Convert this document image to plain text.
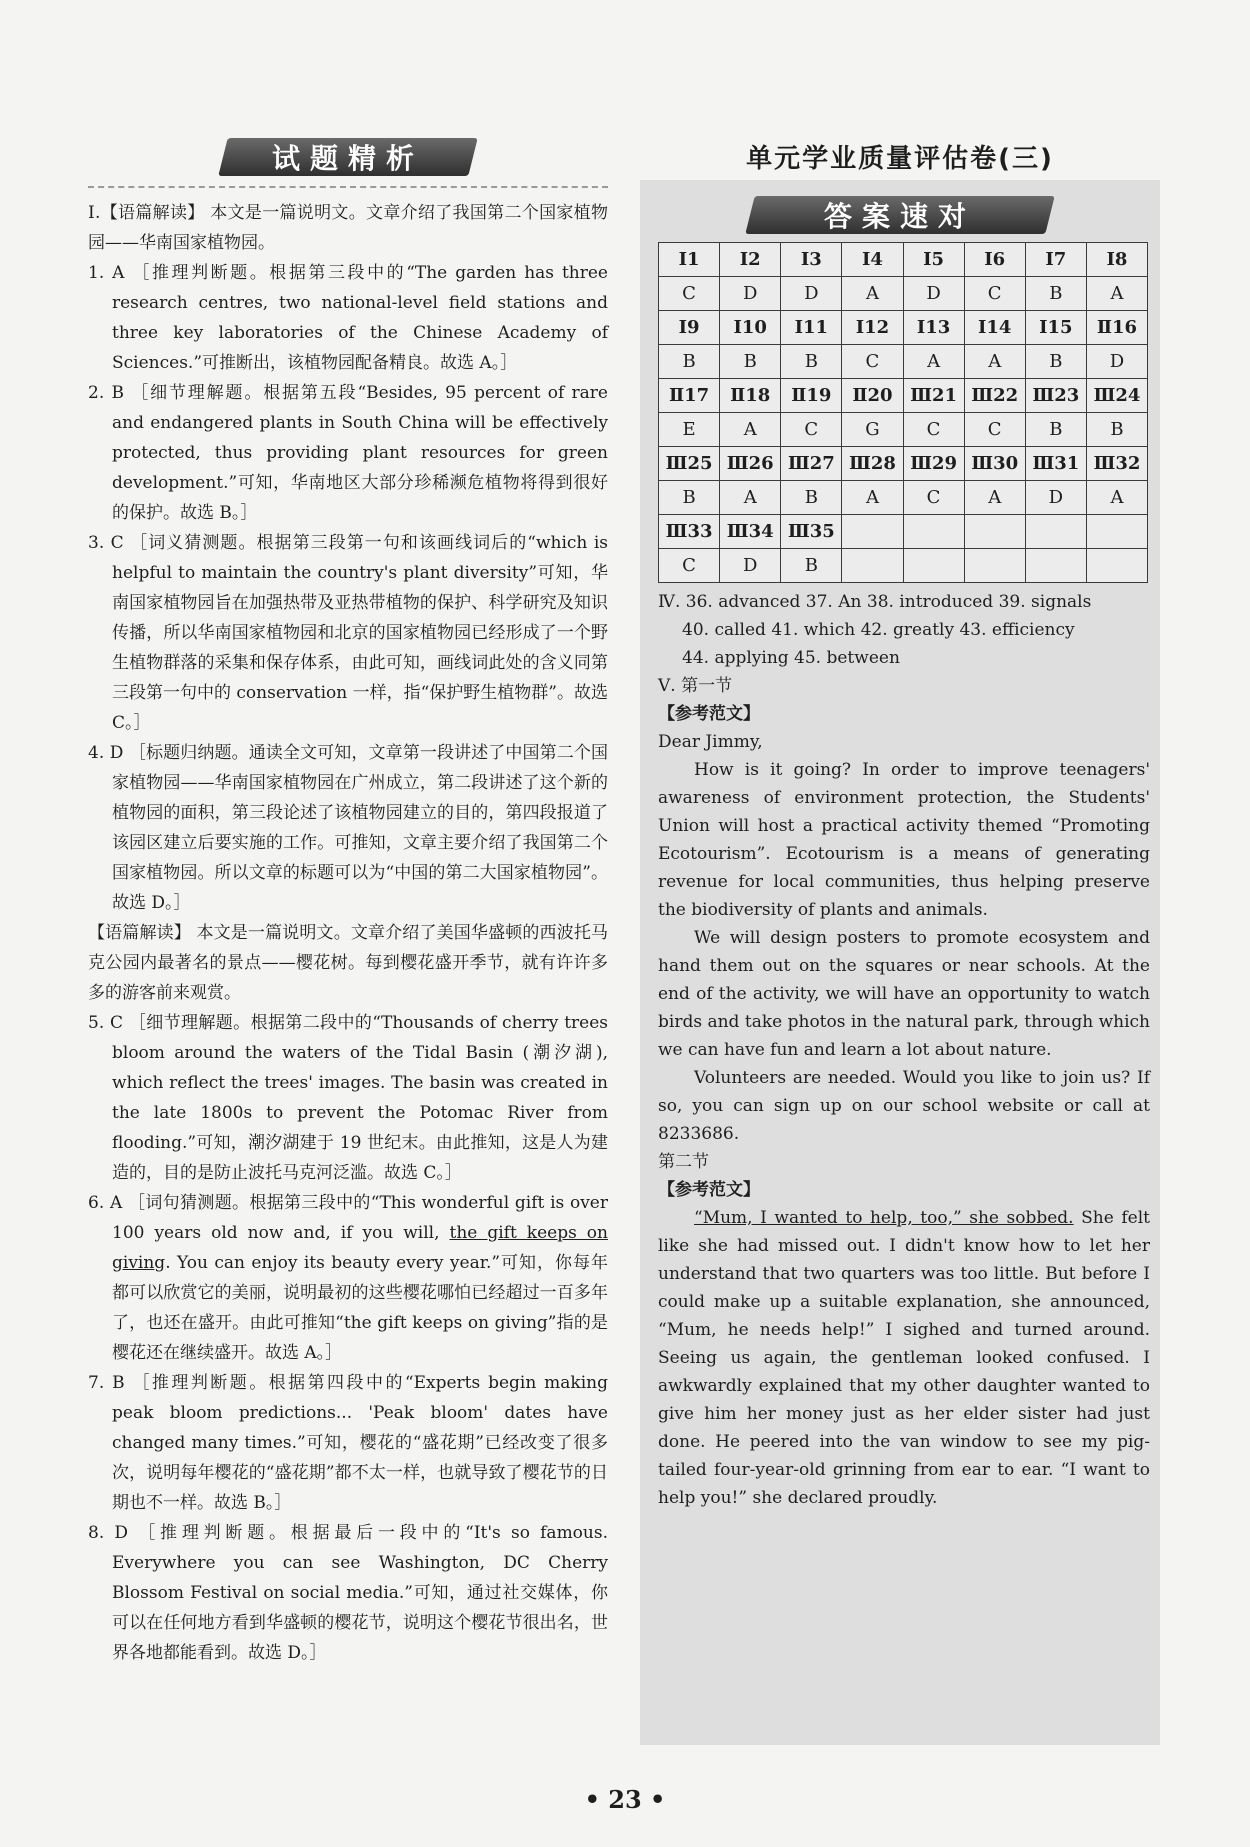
试题精析

Ⅰ.【语篇解读】 本文是一篇说明文。文章介绍了我国第二个国家植物园——华南国家植物园。

1. A ［推理判断题。根据第三段中的“The garden has three research centres, two national-level field stations and three key laboratories of the Chinese Academy of Sciences.”可推断出，该植物园配备精良。故选 A。］

2. B ［细节理解题。根据第五段“Besides, 95 percent of rare and endangered plants in South China will be effectively protected, thus providing plant resources for green development.”可知，华南地区大部分珍稀濒危植物将得到很好的保护。故选 B。］

3. C ［词义猜测题。根据第三段第一句和该画线词后的“which is helpful to maintain the country's plant diversity”可知，华南国家植物园旨在加强热带及亚热带植物的保护、科学研究及知识传播，所以华南国家植物园和北京的国家植物园已经形成了一个野生植物群落的采集和保存体系，由此可知，画线词此处的含义同第三段第一句中的 conservation 一样，指“保护野生植物群”。故选 C。］

4. D ［标题归纳题。通读全文可知，文章第一段讲述了中国第二个国家植物园——华南国家植物园在广州成立，第二段讲述了这个新的植物园的面积，第三段论述了该植物园建立的目的，第四段报道了该园区建立后要实施的工作。可推知，文章主要介绍了我国第二个国家植物园。所以文章的标题可以为“中国的第二大国家植物园”。故选 D。］

【语篇解读】 本文是一篇说明文。文章介绍了美国华盛顿的西波托马克公园内最著名的景点——樱花树。每到樱花盛开季节，就有许许多多的游客前来观赏。

5. C ［细节理解题。根据第二段中的“Thousands of cherry trees bloom around the waters of the Tidal Basin (潮汐湖), which reflect the trees' images. The basin was created in the late 1800s to prevent the Potomac River from flooding.”可知，潮汐湖建于 19 世纪末。由此推知，这是人为建造的，目的是防止波托马克河泛滥。故选 C。］

6. A ［词句猜测题。根据第三段中的“This wonderful gift is over 100 years old now and, if you will, the gift keeps on giving. You can enjoy its beauty every year.”可知，你每年都可以欣赏它的美丽，说明最初的这些樱花哪怕已经超过一百多年了，也还在盛开。由此可推知“the gift keeps on giving”指的是樱花还在继续盛开。故选 A。］

7. B ［推理判断题。根据第四段中的“Experts begin making peak bloom predictions... 'Peak bloom' dates have changed many times.”可知，樱花的“盛花期”已经改变了很多次，说明每年樱花的“盛花期”都不太一样，也就导致了樱花节的日期也不一样。故选 B。］

8. D ［推理判断题。根据最后一段中的“It's so famous. Everywhere you can see Washington, DC Cherry Blossom Festival on social media.”可知，通过社交媒体，你可以在任何地方看到华盛顿的樱花节，说明这个樱花节很出名，世界各地都能看到。故选 D。］

单元学业质量评估卷(三)
答案速对
Ⅰ1	Ⅰ2	Ⅰ3	Ⅰ4	Ⅰ5	Ⅰ6	Ⅰ7	Ⅰ8
C	D	D	A	D	C	B	A
Ⅰ9	Ⅰ10	Ⅰ11	Ⅰ12	Ⅰ13	Ⅰ14	Ⅰ15	Ⅱ16
B	B	B	C	A	A	B	D
Ⅱ17	Ⅱ18	Ⅱ19	Ⅱ20	Ⅲ21	Ⅲ22	Ⅲ23	Ⅲ24
E	A	C	G	C	C	B	B
Ⅲ25	Ⅲ26	Ⅲ27	Ⅲ28	Ⅲ29	Ⅲ30	Ⅲ31	Ⅲ32
B	A	B	A	C	A	D	A
Ⅲ33	Ⅲ34	Ⅲ35					
C	D	B					
Ⅳ. 36. advanced 37. An 38. introduced 39. signals
40. called 41. which 42. greatly 43. efficiency
44. applying 45. between
Ⅴ. 第一节
【参考范文】
Dear Jimmy,
How is it going? In order to improve teenagers' awareness of environment protection, the Students' Union will host a practical activity themed “Promoting Ecotourism”. Ecotourism is a means of generating revenue for local communities, thus helping preserve the biodiversity of plants and animals.
We will design posters to promote ecosystem and hand them out on the squares or near schools. At the end of the activity, we will have an opportunity to watch birds and take photos in the natural park, through which we can have fun and learn a lot about nature.
Volunteers are needed. Would you like to join us? If so, you can sign up on our school website or call at 8233686.
第二节
【参考范文】
“Mum, I wanted to help, too,” she sobbed. She felt like she had missed out. I didn't know how to let her understand that two quarters was too little. But before I could make up a suitable explanation, she announced, “Mum, he needs help!” I sighed and turned around. Seeing us again, the gentleman looked confused. I awkwardly explained that my other daughter wanted to give him her money just as her elder sister had just done. He peered into the van window to see my pig-tailed four-year-old grinning from ear to ear. “I want to help you!” she declared proudly.
• 23 •
